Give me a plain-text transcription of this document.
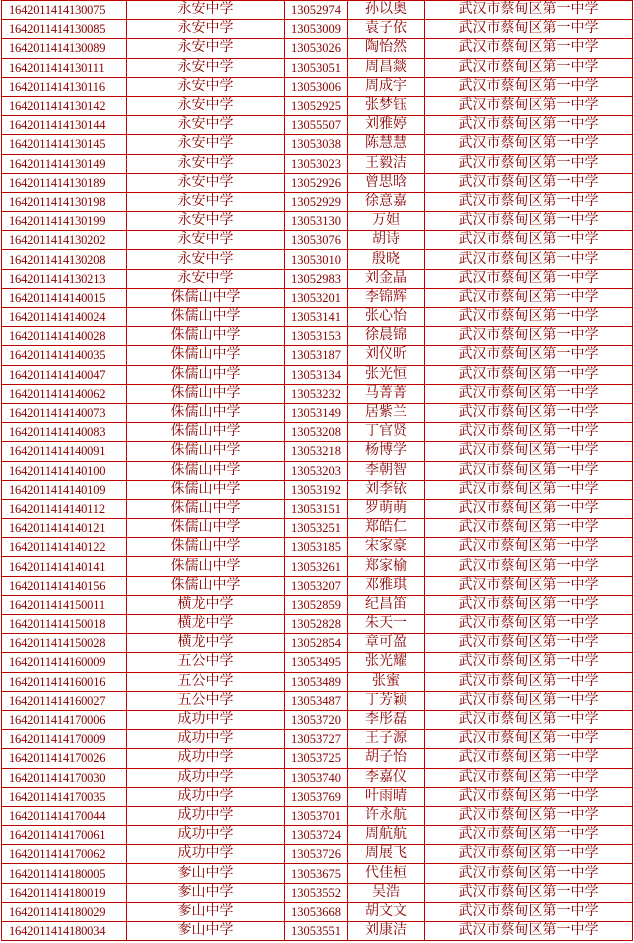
1642011414130075	永安中学	13052974	孙以奥	武汉市蔡甸区第一中学
1642011414130085	永安中学	13053009	袁子依	武汉市蔡甸区第一中学
1642011414130089	永安中学	13053026	陶怡然	武汉市蔡甸区第一中学
1642011414130111	永安中学	13053051	周昌燚	武汉市蔡甸区第一中学
1642011414130116	永安中学	13053006	周成宇	武汉市蔡甸区第一中学
1642011414130142	永安中学	13052925	张梦钰	武汉市蔡甸区第一中学
1642011414130144	永安中学	13055507	刘雅婷	武汉市蔡甸区第一中学
1642011414130145	永安中学	13053038	陈慧慧	武汉市蔡甸区第一中学
1642011414130149	永安中学	13053023	王毅洁	武汉市蔡甸区第一中学
1642011414130189	永安中学	13052926	曾思晗	武汉市蔡甸区第一中学
1642011414130198	永安中学	13052929	徐意嘉	武汉市蔡甸区第一中学
1642011414130199	永安中学	13053130	万妲	武汉市蔡甸区第一中学
1642011414130202	永安中学	13053076	胡诗	武汉市蔡甸区第一中学
1642011414130208	永安中学	13053010	殷晓	武汉市蔡甸区第一中学
1642011414130213	永安中学	13052983	刘金晶	武汉市蔡甸区第一中学
1642011414140015	侏儒山中学	13053201	李锦辉	武汉市蔡甸区第一中学
1642011414140024	侏儒山中学	13053141	张心怡	武汉市蔡甸区第一中学
1642011414140028	侏儒山中学	13053153	徐晨锦	武汉市蔡甸区第一中学
1642011414140035	侏儒山中学	13053187	刘仪昕	武汉市蔡甸区第一中学
1642011414140047	侏儒山中学	13053134	张光恒	武汉市蔡甸区第一中学
1642011414140062	侏儒山中学	13053232	马菁菁	武汉市蔡甸区第一中学
1642011414140073	侏儒山中学	13053149	居紫兰	武汉市蔡甸区第一中学
1642011414140083	侏儒山中学	13053208	丁官贤	武汉市蔡甸区第一中学
1642011414140091	侏儒山中学	13053218	杨博学	武汉市蔡甸区第一中学
1642011414140100	侏儒山中学	13053203	李朝智	武汉市蔡甸区第一中学
1642011414140109	侏儒山中学	13053192	刘李铱	武汉市蔡甸区第一中学
1642011414140112	侏儒山中学	13053151	罗萌萌	武汉市蔡甸区第一中学
1642011414140121	侏儒山中学	13053251	郑皓仁	武汉市蔡甸区第一中学
1642011414140122	侏儒山中学	13053185	宋家豪	武汉市蔡甸区第一中学
1642011414140141	侏儒山中学	13053261	郑家榆	武汉市蔡甸区第一中学
1642011414140156	侏儒山中学	13053207	邓雅琪	武汉市蔡甸区第一中学
1642011414150011	横龙中学	13052859	纪昌笛	武汉市蔡甸区第一中学
1642011414150018	横龙中学	13052828	朱天一	武汉市蔡甸区第一中学
1642011414150028	横龙中学	13052854	章可盈	武汉市蔡甸区第一中学
1642011414160009	五公中学	13053495	张光耀	武汉市蔡甸区第一中学
1642011414160016	五公中学	13053489	张蜜	武汉市蔡甸区第一中学
1642011414160027	五公中学	13053487	丁芳颖	武汉市蔡甸区第一中学
1642011414170006	成功中学	13053720	李彤磊	武汉市蔡甸区第一中学
1642011414170009	成功中学	13053727	王子源	武汉市蔡甸区第一中学
1642011414170026	成功中学	13053725	胡子怡	武汉市蔡甸区第一中学
1642011414170030	成功中学	13053740	李嘉仪	武汉市蔡甸区第一中学
1642011414170035	成功中学	13053769	叶雨晴	武汉市蔡甸区第一中学
1642011414170044	成功中学	13053701	许永航	武汉市蔡甸区第一中学
1642011414170061	成功中学	13053724	周航航	武汉市蔡甸区第一中学
1642011414170062	成功中学	13053726	周展飞	武汉市蔡甸区第一中学
1642011414180005	奓山中学	13053675	代佳桓	武汉市蔡甸区第一中学
1642011414180019	奓山中学	13053552	吴浩	武汉市蔡甸区第一中学
1642011414180029	奓山中学	13053668	胡文文	武汉市蔡甸区第一中学
1642011414180034	奓山中学	13053551	刘康洁	武汉市蔡甸区第一中学
